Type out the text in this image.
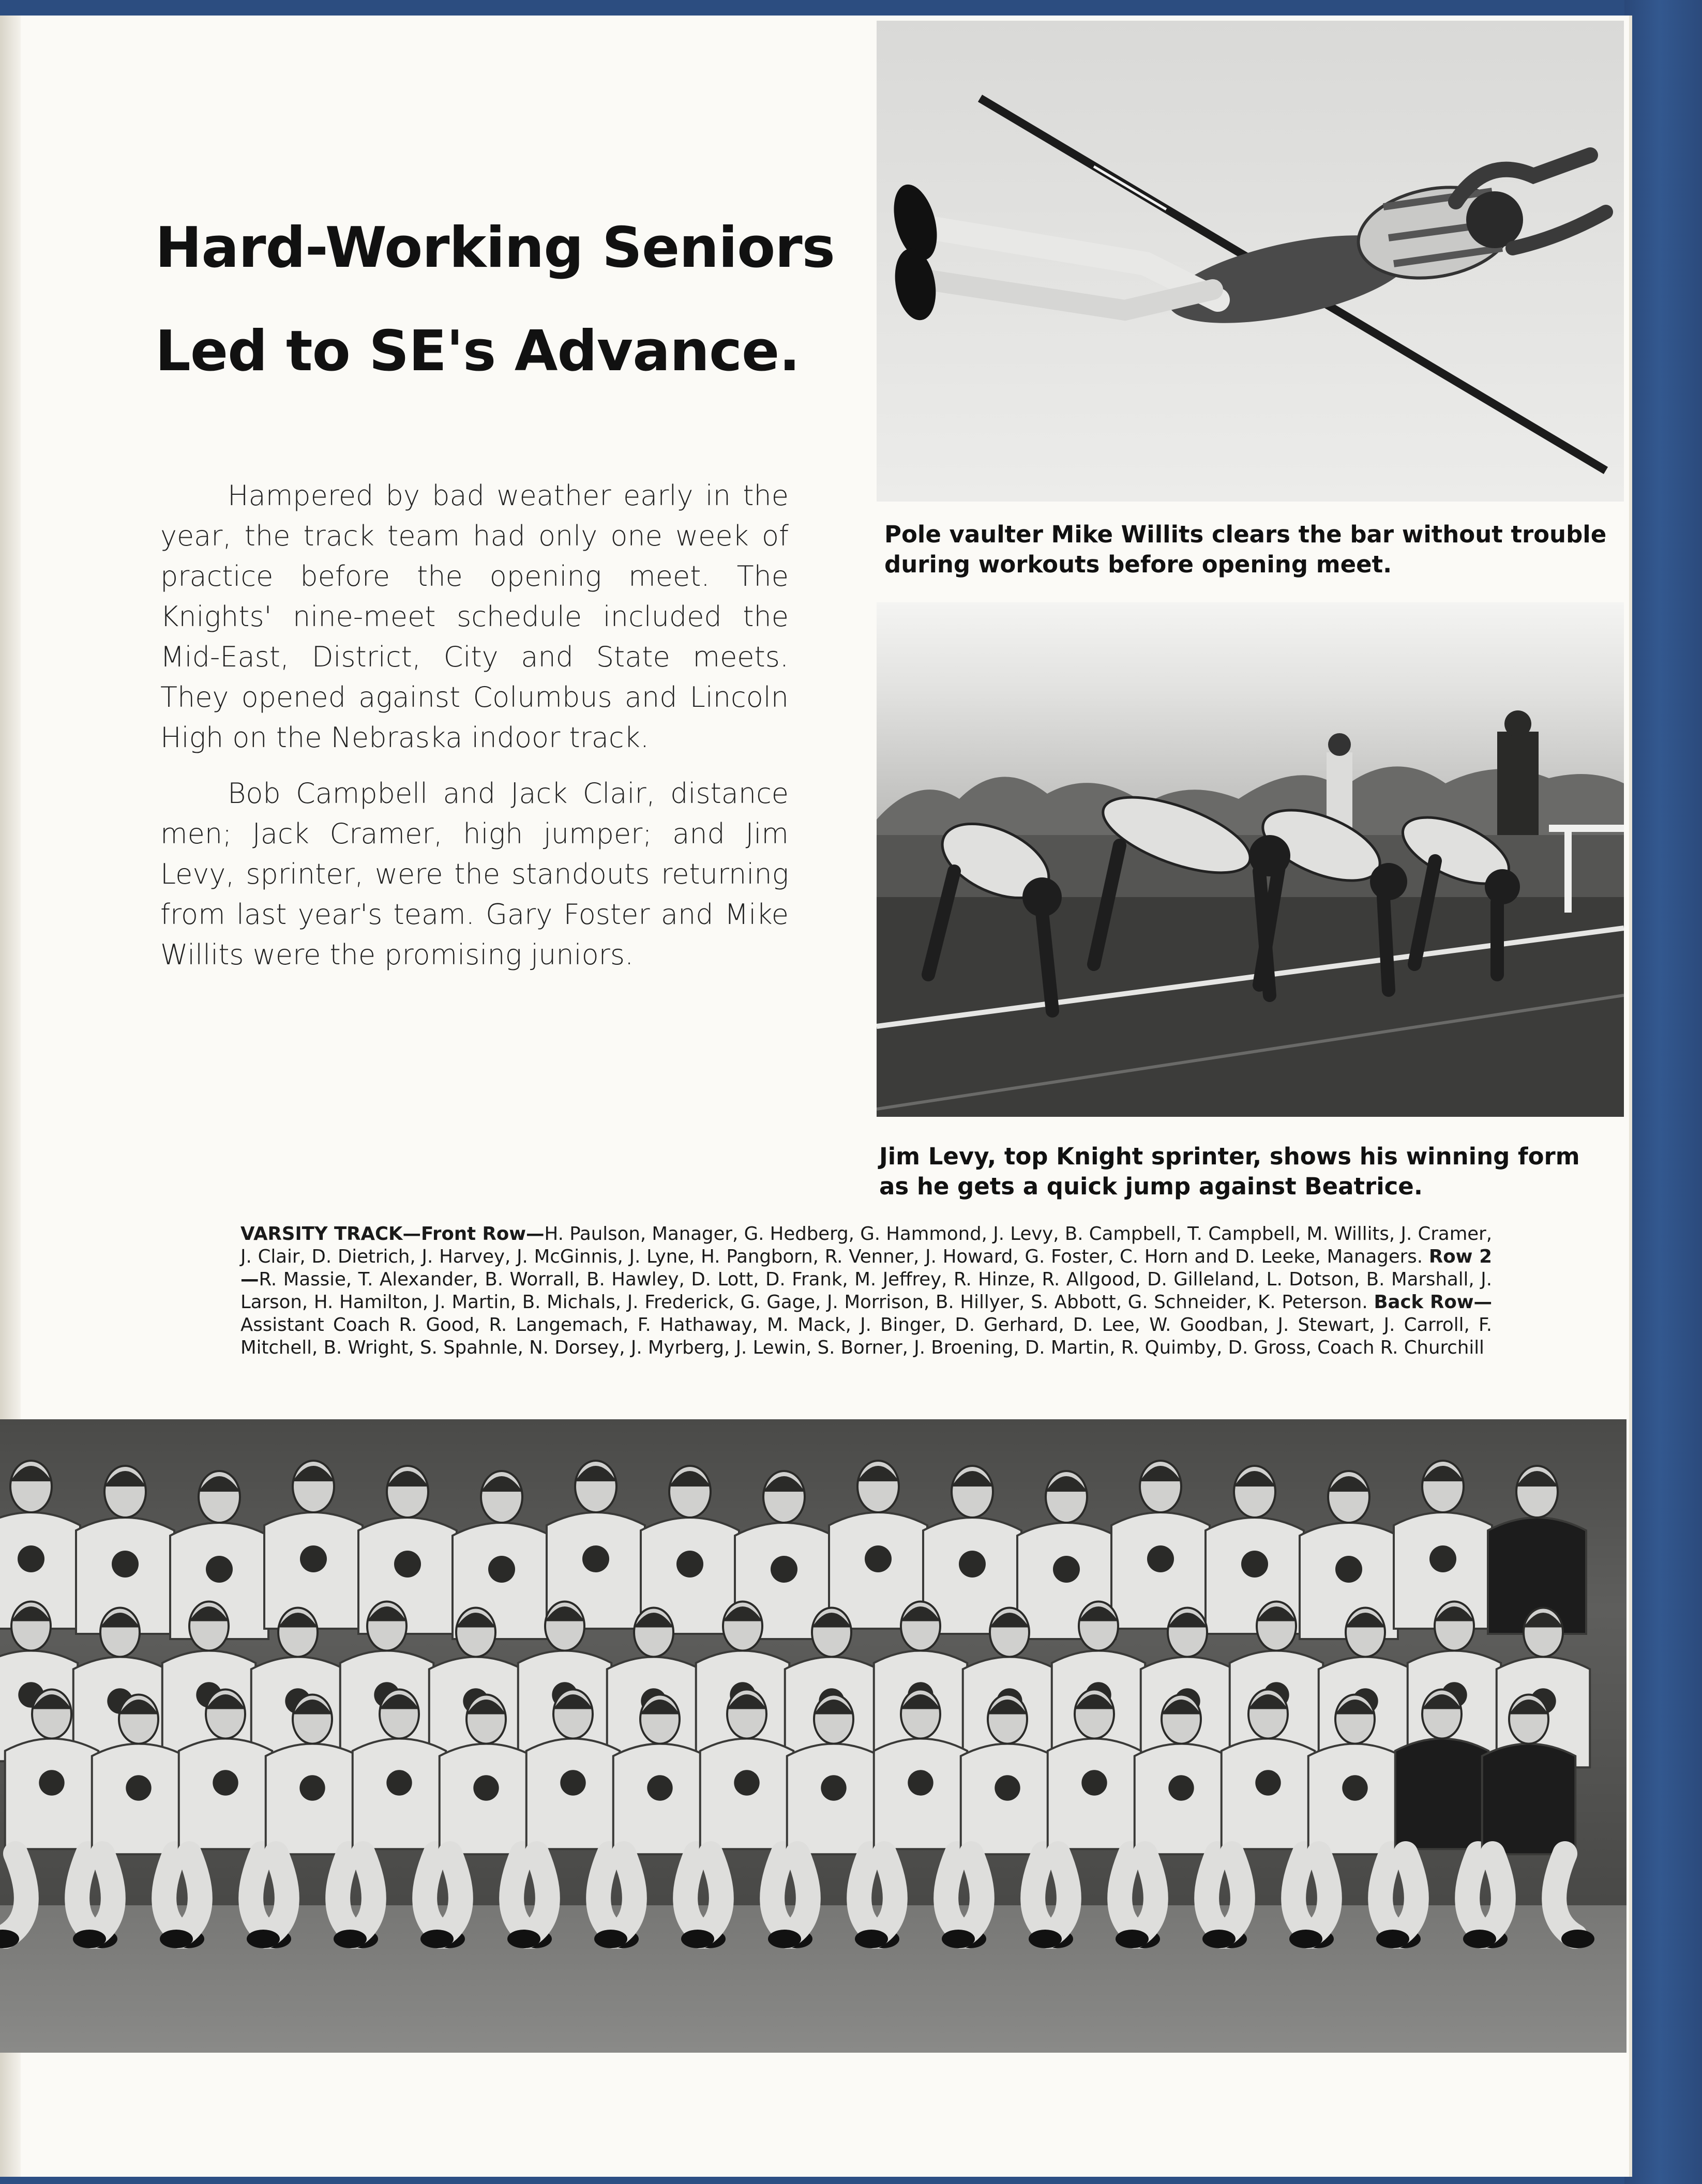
Hard-Working Seniors
Led to SE's Advance.

Hampered by bad weather early in the year, the track team had only one week of practice before the opening meet. The Knights' nine-meet schedule included the Mid-East, District, City and State meets. They opened against Columbus and Lincoln High on the Nebraska indoor track.

Bob Campbell and Jack Clair, distance men; Jack Cramer, high jumper; and Jim Levy, sprinter, were the standouts returning from last year's team. Gary Foster and Mike Willits were the promising juniors.

Pole vaulter Mike Willits clears the bar without trouble during workouts before opening meet.
Jim Levy, top Knight sprinter, shows his winning form as he gets a quick jump against Beatrice.
VARSITY TRACK—Front Row—H. Paulson, Manager, G. Hedberg, G. Hammond, J. Levy, B. Campbell, T. Campbell, M. Willits, J. Cramer, J. Clair, D. Dietrich, J. Harvey, J. McGinnis, J. Lyne, H. Pangborn, R. Venner, J. Howard, G. Foster, C. Horn and D. Leeke, Managers. Row 2—R. Massie, T. Alexander, B. Worrall, B. Hawley, D. Lott, D. Frank, M. Jeffrey, R. Hinze, R. Allgood, D. Gilleland, L. Dotson, B. Marshall, J. Larson, H. Hamilton, J. Martin, B. Michals, J. Frederick, G. Gage, J. Morrison, B. Hillyer, S. Abbott, G. Schneider, K. Peterson. Back Row—Assistant Coach R. Good, R. Langemach, F. Hathaway, M. Mack, J. Binger, D. Gerhard, D. Lee, W. Goodban, J. Stewart, J. Carroll, F. Mitchell, B. Wright, S. Spahnle, N. Dorsey, J. Myrberg, J. Lewin, S. Borner, J. Broening, D. Martin, R. Quimby, D. Gross, Coach R. Churchill
